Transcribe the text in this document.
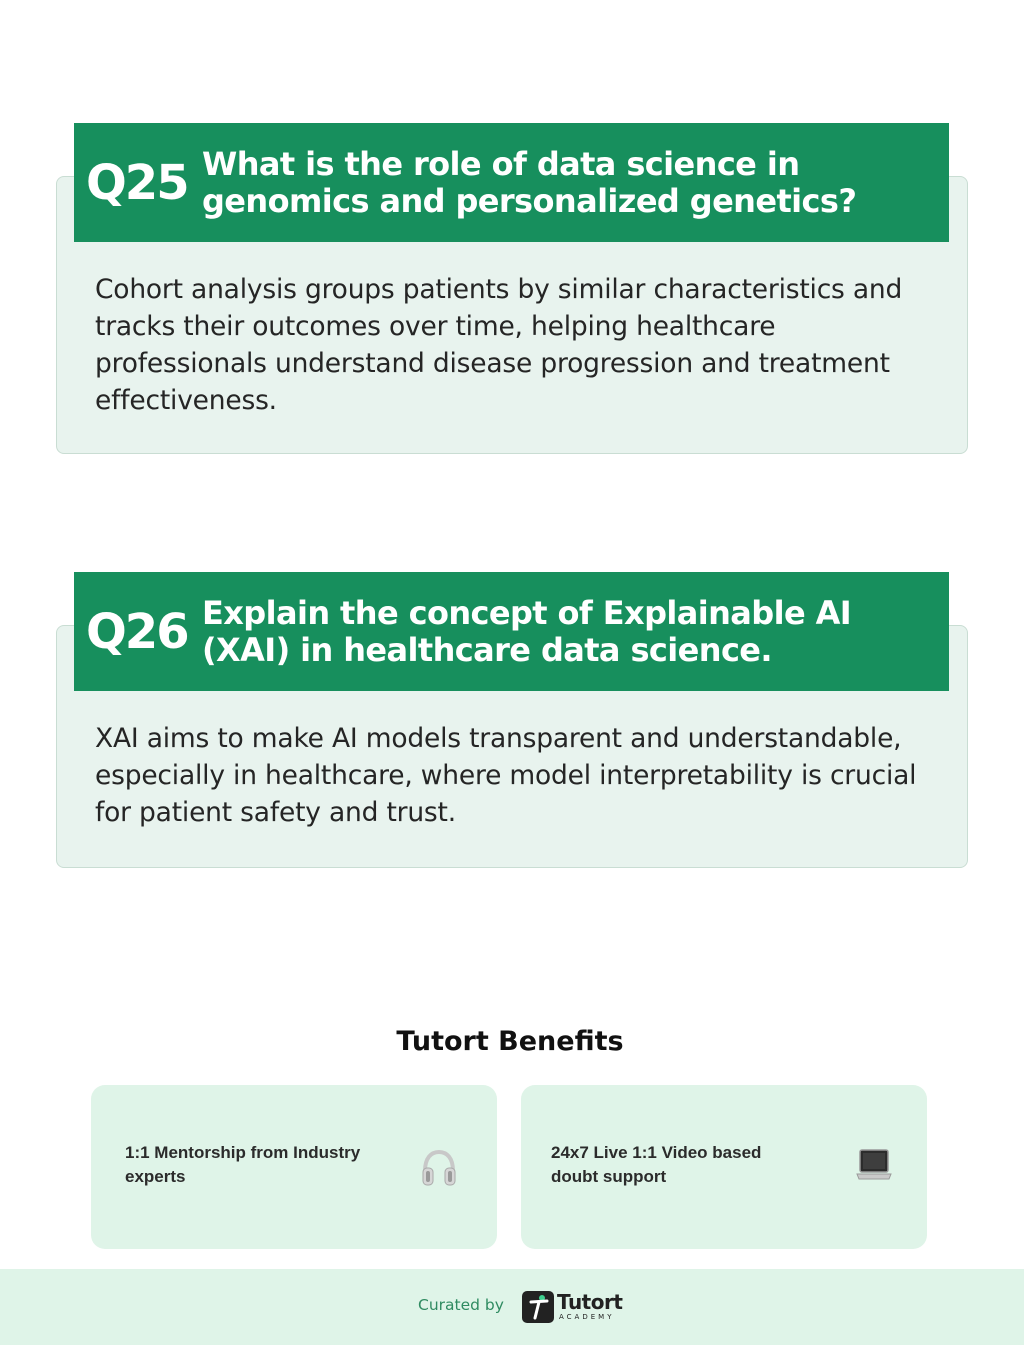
Q25 What is the role of data science in genomics and personalized genetics?
Cohort analysis groups patients by similar characteristics and tracks their outcomes over time, helping healthcare professionals understand disease progression and treatment effectiveness.
Q26 Explain the concept of Explainable AI (XAI) in healthcare data science.
XAI aims to make AI models transparent and understandable, especially in healthcare, where model interpretability is crucial for patient safety and trust.
Tutort Benefits
1:1 Mentorship from Industry experts
24x7 Live 1:1 Video based doubt support
Curated by	Tutort
ACADEMY
